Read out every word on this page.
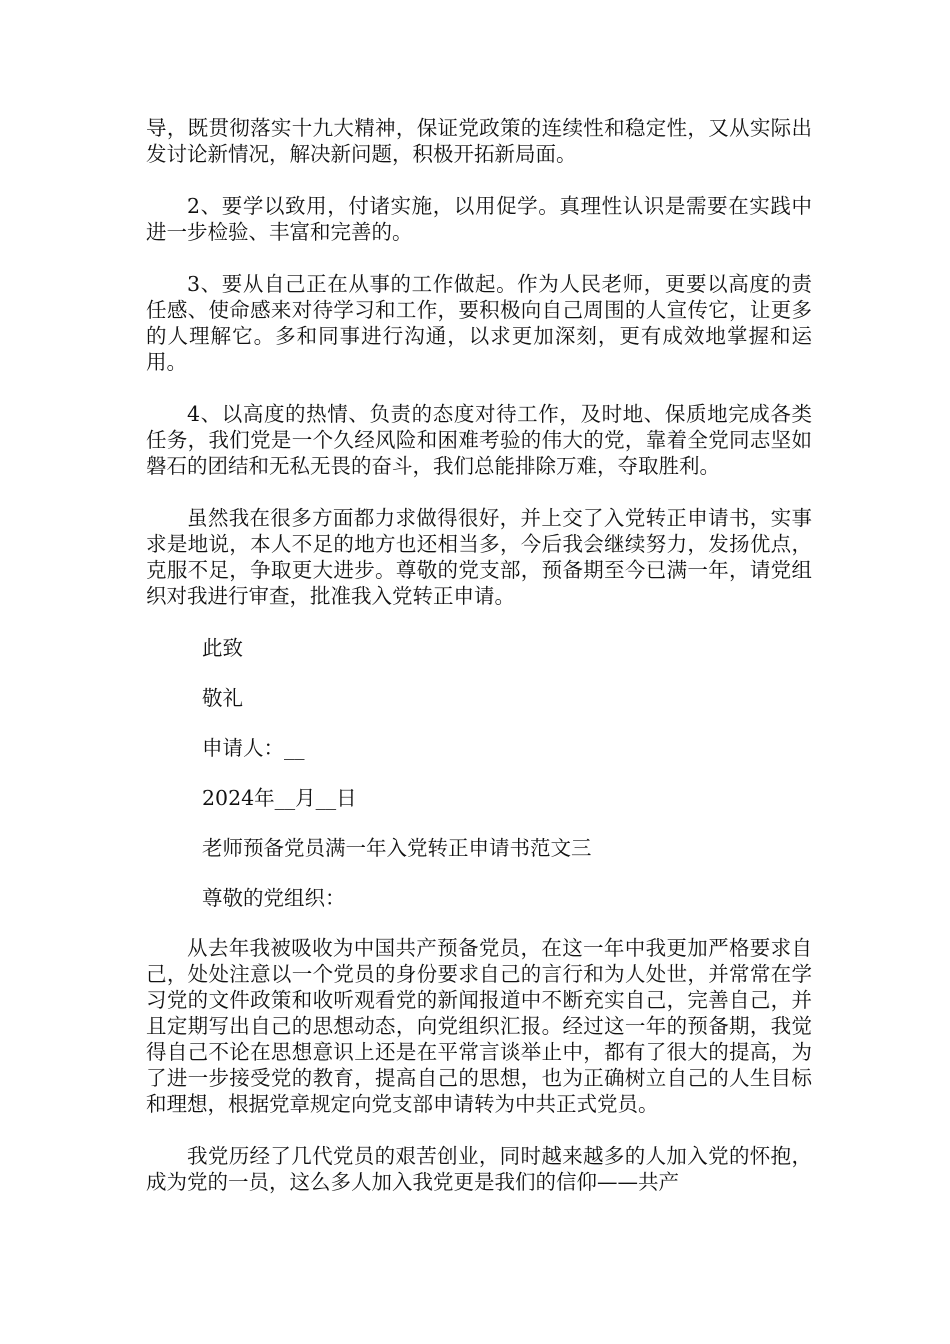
导，既贯彻落实十九大精神，保证党政策的连续性和稳定性，又从实际出发讨论新情况，解决新问题，积极开拓新局面。

2、要学以致用，付诸实施，以用促学。真理性认识是需要在实践中进一步检验、丰富和完善的。

3、要从自己正在从事的工作做起。作为人民老师，更要以高度的责任感、使命感来对待学习和工作，要积极向自己周围的人宣传它，让更多的人理解它。多和同事进行沟通，以求更加深刻，更有成效地掌握和运用。

4、以高度的热情、负责的态度对待工作，及时地、保质地完成各类任务，我们党是一个久经风险和困难考验的伟大的党，靠着全党同志坚如磐石的团结和无私无畏的奋斗，我们总能排除万难，夺取胜利。

虽然我在很多方面都力求做得很好，并上交了入党转正申请书，实事求是地说，本人不足的地方也还相当多，今后我会继续努力，发扬优点，克服不足，争取更大进步。尊敬的党支部，预备期至今已满一年，请党组织对我进行审查，批准我入党转正申请。

此致
敬礼
申请人：__
2024年__月__日
老师预备党员满一年入党转正申请书范文三
尊敬的党组织：

从去年我被吸收为中国共产预备党员，在这一年中我更加严格要求自己，处处注意以一个党员的身份要求自己的言行和为人处世，并常常在学习党的文件政策和收听观看党的新闻报道中不断充实自己，完善自己，并且定期写出自己的思想动态，向党组织汇报。经过这一年的预备期，我觉得自己不论在思想意识上还是在平常言谈举止中，都有了很大的提高，为了进一步接受党的教育，提高自己的思想，也为正确树立自己的人生目标和理想，根据党章规定向党支部申请转为中共正式党员。

我党历经了几代党员的艰苦创业，同时越来越多的人加入党的怀抱，成为党的一员，这么多人加入我党更是我们的信仰——共产
